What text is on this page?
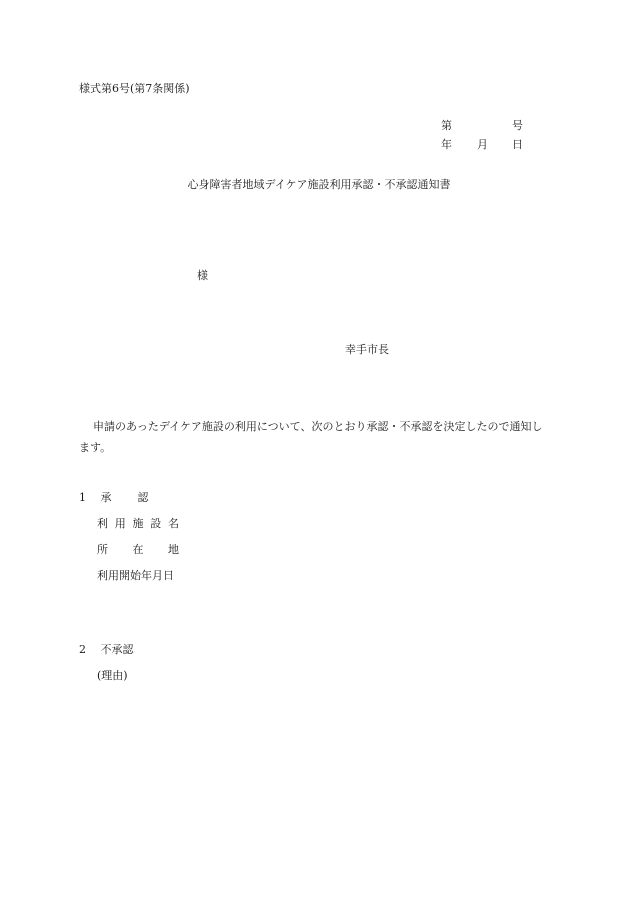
様式第6号(第7条関係)
第	号
年 月 日
心身障害者地域デイケア施設利用承認・不承認通知書
様
幸手市長

申請のあったデイケア施設の利用について、次のとおり承認・不承認を決定したので通知します。

1 承 認
利 用 施 設 名
所 在 地
利用開始年月日
2 不承認
(理由)
